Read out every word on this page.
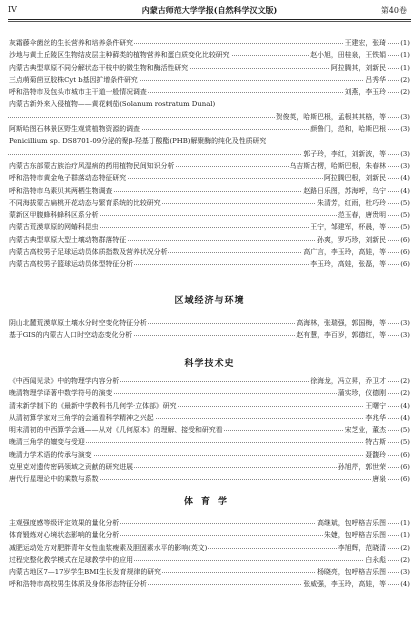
IV	内蒙古师范大学学报(自然科学汉文版)	第40卷
灰霜藤伞菌丝的生长营养和培养条件研究	王建宏，张琦 (1)
沙地与黄土丘陵区生物结皮层主种藓类的植物营养和蛋白质变化比较研究	赵小旭，田桂泉，王铁娟 (1)
内蒙古典型草原不同分解状态干枝中的微生物和酶活性研究	阿拉腾其，刘新民 (1)
三点萌菊茴豆胶株Cyt b基因扩增条件研究	吕秀华 (2)
呼和浩特市及包头市城市主干道一般情况调查	刘燕，李玉玲 (2)
内蒙古新外来入侵植物——黄花刺茄(Solanum rostratum Dunal)
贺俊英，哈斯巴根，孟根其其格，等 (3)
阿斯哈图石林景区野生观赏植物资源的调查	颜鲁门，范和，哈斯巴根 (3)
Penicillium sp. DS8701-09分泌的聚β-羟基丁酸酯(PHB)解聚酶的纯化及性质研究
郭子玲，李红，刘新波，等 (3)
内蒙古东部蒙古族治疗风湿病的药用植物民间知识分析	乌吉斯古楞，哈斯巴根，朱春林 (3)
呼和浩特市黄金龟子群落动态特征研究	阿拉腾巴根，刘新民 (4)
呼和浩特市乌素贝其两栖生物调查	赵路日乐图，苏海呼，乌宁 (4)
不同海拔蒙古扁桃开花动态与繁育系统的比较研究	朱清芳，红雨，杜巧玲 (5)
蒙新区甲腹蜂科蜂科区系分析	范玉春，唐贵明 (5)
内蒙古荒漠草原的网蝽科昆虫	王宁，邹建军，杯晨，等 (5)
内蒙古典型草原大型土壤动物群落特征	孙爽，罗巧珍，刘新民 (6)
内蒙古高校男子足球运动员体质指数及营养状况分析	高广言，李玉玲，高娃，等 (6)
内蒙古高校男子篮球运动员体型特征分析	李玉玲，高娃，张磊，等 (6)
区域经济与环境
阴山北麓荒漠草原土壤水分时空变化特征分析	高海林，张瑞强，郭国梅，等 (3)
基于GIS的内蒙古人口时空动态变化分析	赵有慧，李百岁，郭德红，等 (3)
科学技术史
《中西闻见录》中的物理学内容分析	徐海龙，冯立昇，乔卫才 (2)
晚清物理学译著中数学符号的演变	蒲实珍，仪德刚 (2)
清末新学制下的《最新中学教科书几何学·立体部》研究	王曙宁 (4)
从清初算学家对三角学的会通看科学精神之兴起	李兆华 (4)
明末清初的中西算学会通——从对《几何原本》的理解、接受和研究看	宋芝业，董杰 (5)
晚清三角学的嬗变与受迎	特古斯 (5)
晚清力学术语的传承与演变	聂馥玲 (6)
克里克对遗传密码领域之贡献的研究进展	孙旭芹，郭世荣 (6)
唐代行星理论中的乘数与系数	唐泉 (6)
体育学
主观强度感等级评定效果的量化分析	高继斌，包呼格吉乐图 (1)
体育锻炼对心境状态影响的量化分析	朱婕，包呼格吉乐图 (1)
减肥运动处方对肥胖青年女性血浆瘦素及胆固素水平的影响(英文)	李旭辉，范晓清 (2)
过程完整化教学模式在足球教学中的应用	白永彪 (2)
内蒙古地区7—17岁学生BMI生长发育规律的研究	杨晓亮，包呼格吉乐图 (3)
呼和浩特市高校男生体质及身体形态特征分析	张威强，李玉玲，高娃，等 (4)
